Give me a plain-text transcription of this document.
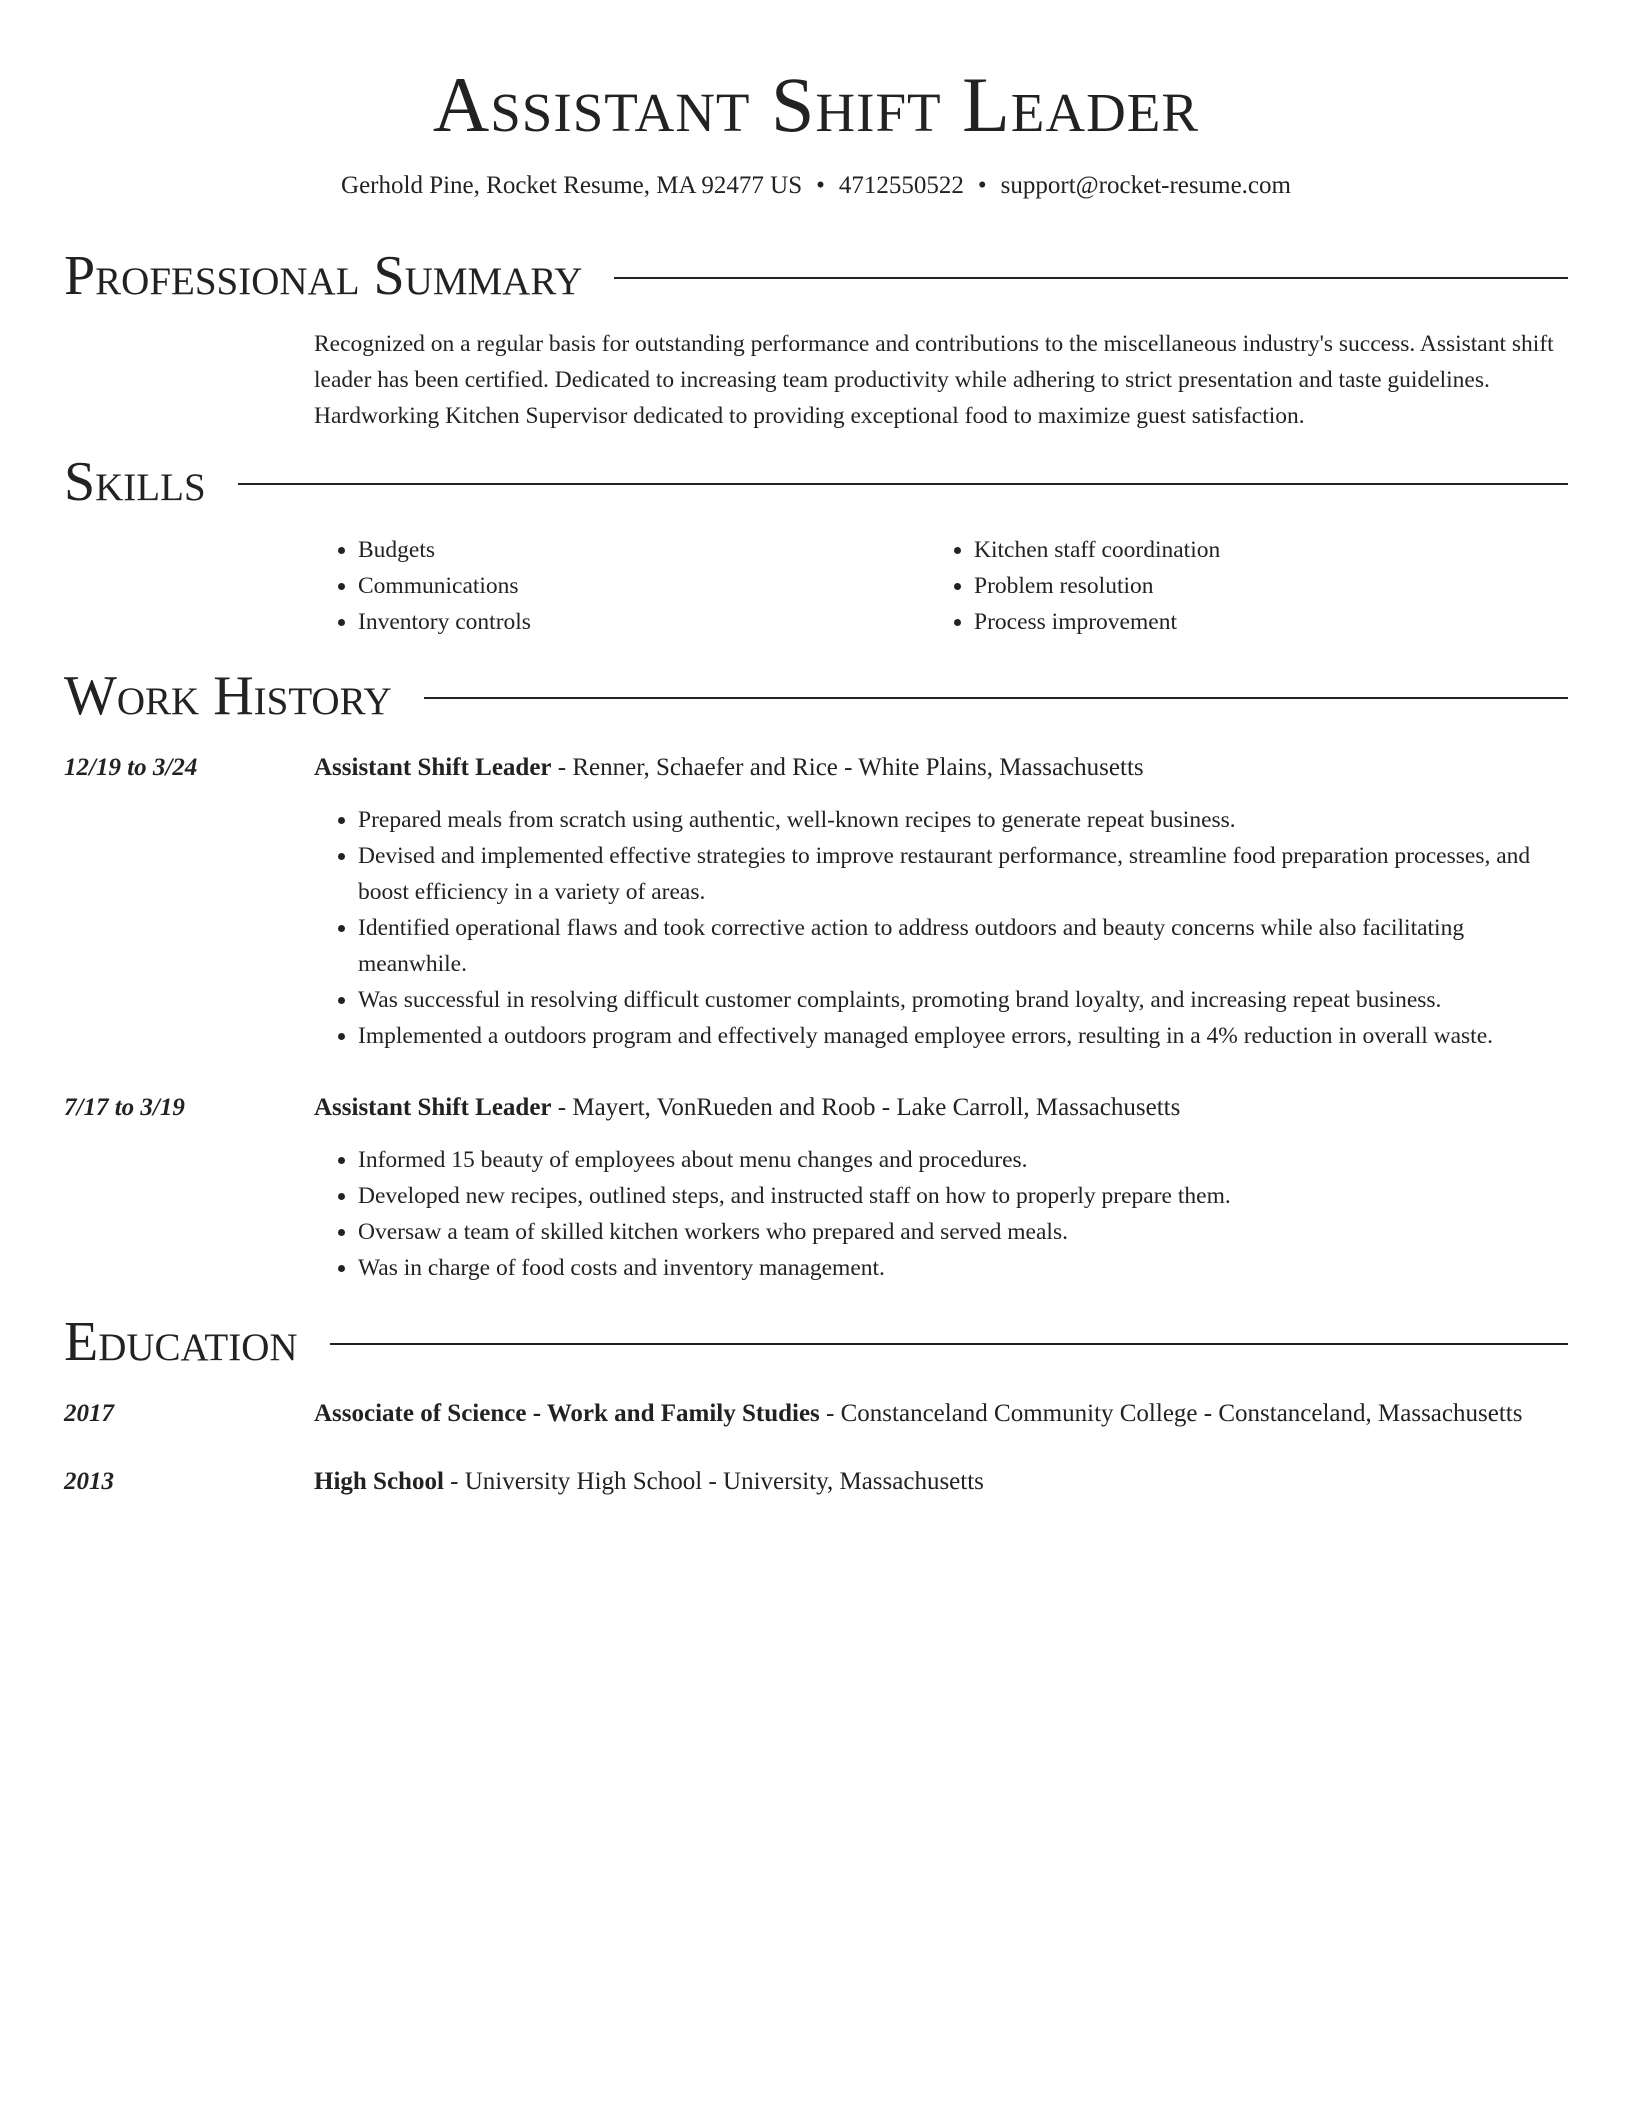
Assistant Shift Leader
Gerhold Pine, Rocket Resume, MA 92477 US • 4712550522 • support@rocket-resume.com
Professional Summary

Recognized on a regular basis for outstanding performance and contributions to the miscellaneous industry's success. Assistant shift leader has been certified. Dedicated to increasing team productivity while adhering to strict presentation and taste guidelines. Hardworking Kitchen Supervisor dedicated to providing exceptional food to maximize guest satisfaction.

Skills
• Budgets
• Communications
• Inventory controls
• Kitchen staff coordination
• Problem resolution
• Process improvement
Work History
12/19 to 3/24	Assistant Shift Leader - Renner, Schaefer and Rice - White Plains, Massachusetts
• Prepared meals from scratch using authentic, well-known recipes to generate repeat business.
• Devised and implemented effective strategies to improve restaurant performance, streamline food preparation processes, and boost efficiency in a variety of areas.
• Identified operational flaws and took corrective action to address outdoors and beauty concerns while also facilitating meanwhile.
• Was successful in resolving difficult customer complaints, promoting brand loyalty, and increasing repeat business.
• Implemented a outdoors program and effectively managed employee errors, resulting in a 4% reduction in overall waste.
7/17 to 3/19	Assistant Shift Leader - Mayert, VonRueden and Roob - Lake Carroll, Massachusetts
• Informed 15 beauty of employees about menu changes and procedures.
• Developed new recipes, outlined steps, and instructed staff on how to properly prepare them.
• Oversaw a team of skilled kitchen workers who prepared and served meals.
• Was in charge of food costs and inventory management.
Education
2017	Associate of Science - Work and Family Studies - Constanceland Community College - Constanceland, Massachusetts
2013	High School - University High School - University, Massachusetts
